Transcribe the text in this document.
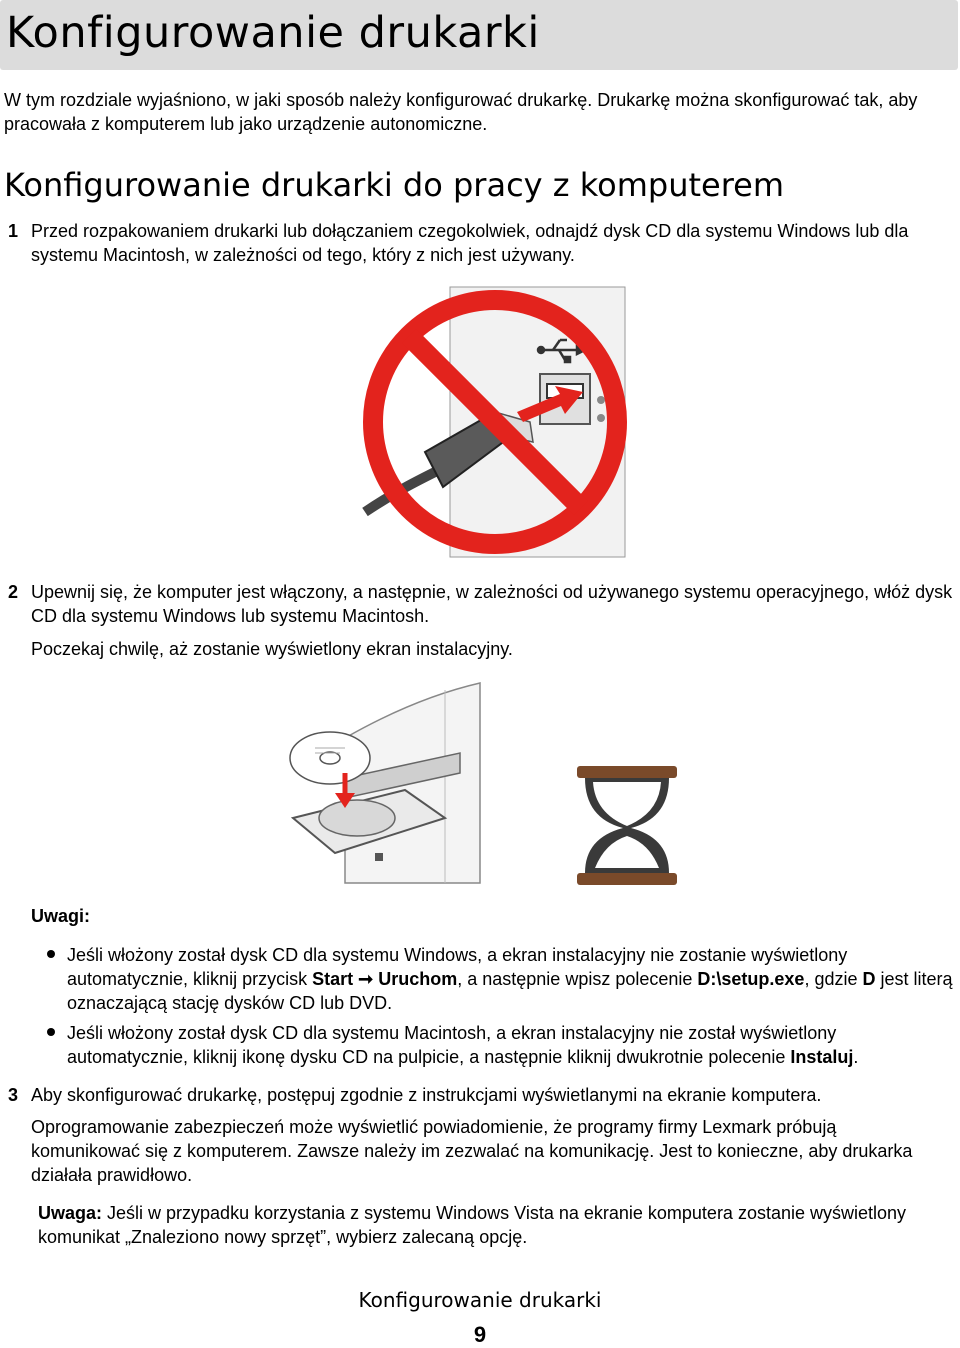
Konfigurowanie drukarki

W tym rozdziale wyjaśniono, w jaki sposób należy konfigurować drukarkę. Drukarkę można skonfigurować tak, aby pracowała z komputerem lub jako urządzenie autonomiczne.

Konfigurowanie drukarki do pracy z komputerem
1 Przed rozpakowaniem drukarki lub dołączaniem czegokolwiek, odnajdź dysk CD dla systemu Windows lub dla systemu Macintosh, w zależności od tego, który z nich jest używany.

2 Upewnij się, że komputer jest włączony, a następnie, w zależności od używanego systemu operacyjnego, włóż dysk CD dla systemu Windows lub systemu Macintosh.

Poczekaj chwilę, aż zostanie wyświetlony ekran instalacyjny.

Uwagi:

Jeśli włożony został dysk CD dla systemu Windows, a ekran instalacyjny nie zostanie wyświetlony automatycznie, kliknij przycisk Start ➞ Uruchom, a następnie wpisz polecenie D:\setup.exe, gdzie D jest literą oznaczającą stację dysków CD lub DVD.

Jeśli włożony został dysk CD dla systemu Macintosh, a ekran instalacyjny nie został wyświetlony automatycznie, kliknij ikonę dysku CD na pulpicie, a następnie kliknij dwukrotnie polecenie Instaluj.

3 Aby skonfigurować drukarkę, postępuj zgodnie z instrukcjami wyświetlanymi na ekranie komputera.

Oprogramowanie zabezpieczeń może wyświetlić powiadomienie, że programy firmy Lexmark próbują komunikować się z komputerem. Zawsze należy im zezwalać na komunikację. Jest to konieczne, aby drukarka działała prawidłowo.

Uwaga: Jeśli w przypadku korzystania z systemu Windows Vista na ekranie komputera zostanie wyświetlony komunikat „Znaleziono nowy sprzęt”, wybierz zalecaną opcję.

Konfigurowanie drukarki
9
